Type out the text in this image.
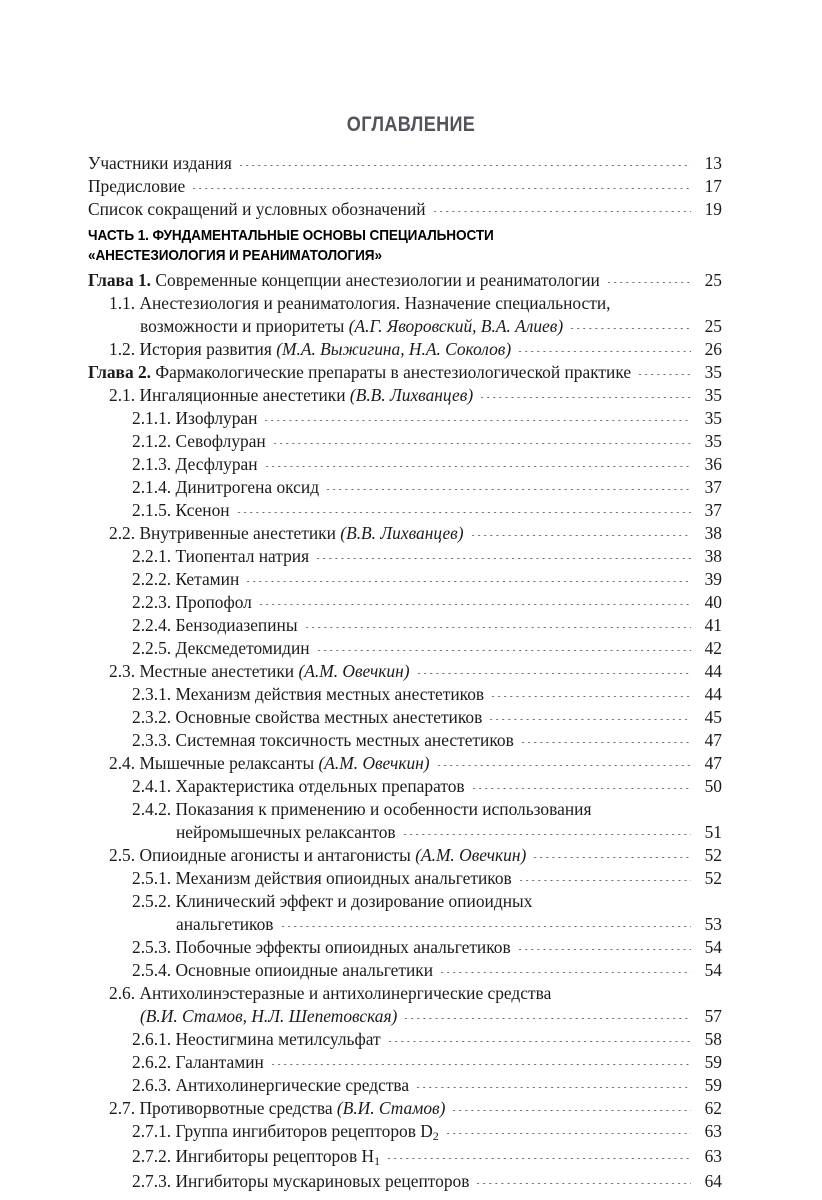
ОГЛАВЛЕНИЕ
Участники издания	13
Предисловие	17
Список сокращений и условных обозначений	19
ЧАСТЬ 1. ФУНДАМЕНТАЛЬНЫЕ ОСНОВЫ СПЕЦИАЛЬНОСТИ
«АНЕСТЕЗИОЛОГИЯ И РЕАНИМАТОЛОГИЯ»
Глава 1. Современные концепции анестезиологии и реаниматологии	25
1.1. Анестезиология и реаниматология. Назначение специальности,
возможности и приоритеты (А.Г. Яворовский, В.А. Алиев)	25
1.2. История развития (М.А. Выжигина, Н.А. Соколов)	26
Глава 2. Фармакологические препараты в анестезиологической практике	35
2.1. Ингаляционные анестетики (В.В. Лихванцев)	35
2.1.1. Изофлуран	35
2.1.2. Севофлуран	35
2.1.3. Десфлуран	36
2.1.4. Динитрогена оксид	37
2.1.5. Ксенон	37
2.2. Внутривенные анестетики (В.В. Лихванцев)	38
2.2.1. Тиопентал натрия	38
2.2.2. Кетамин	39
2.2.3. Пропофол	40
2.2.4. Бензодиазепины	41
2.2.5. Дексмедетомидин	42
2.3. Местные анестетики (А.М. Овечкин)	44
2.3.1. Механизм действия местных анестетиков	44
2.3.2. Основные свойства местных анестетиков	45
2.3.3. Системная токсичность местных анестетиков	47
2.4. Мышечные релаксанты (А.М. Овечкин)	47
2.4.1. Характеристика отдельных препаратов	50
2.4.2. Показания к применению и особенности использования
нейромышечных релаксантов	51
2.5. Опиоидные агонисты и антагонисты (А.М. Овечкин)	52
2.5.1. Механизм действия опиоидных анальгетиков	52
2.5.2. Клинический эффект и дозирование опиоидных
анальгетиков	53
2.5.3. Побочные эффекты опиоидных анальгетиков	54
2.5.4. Основные опиоидные анальгетики	54
2.6. Антихолинэстеразные и антихолинергические средства
(В.И. Стамов, Н.Л. Шепетовская)	57
2.6.1. Неостигмина метилсульфат	58
2.6.2. Галантамин	59
2.6.3. Антихолинергические средства	59
2.7. Противорвотные средства (В.И. Стамов)	62
2.7.1. Группа ингибиторов рецепторов $D_2$	63
2.7.2. Ингибиторы рецепторов $H_1$	63
2.7.3. Ингибиторы мускариновых рецепторов	64
